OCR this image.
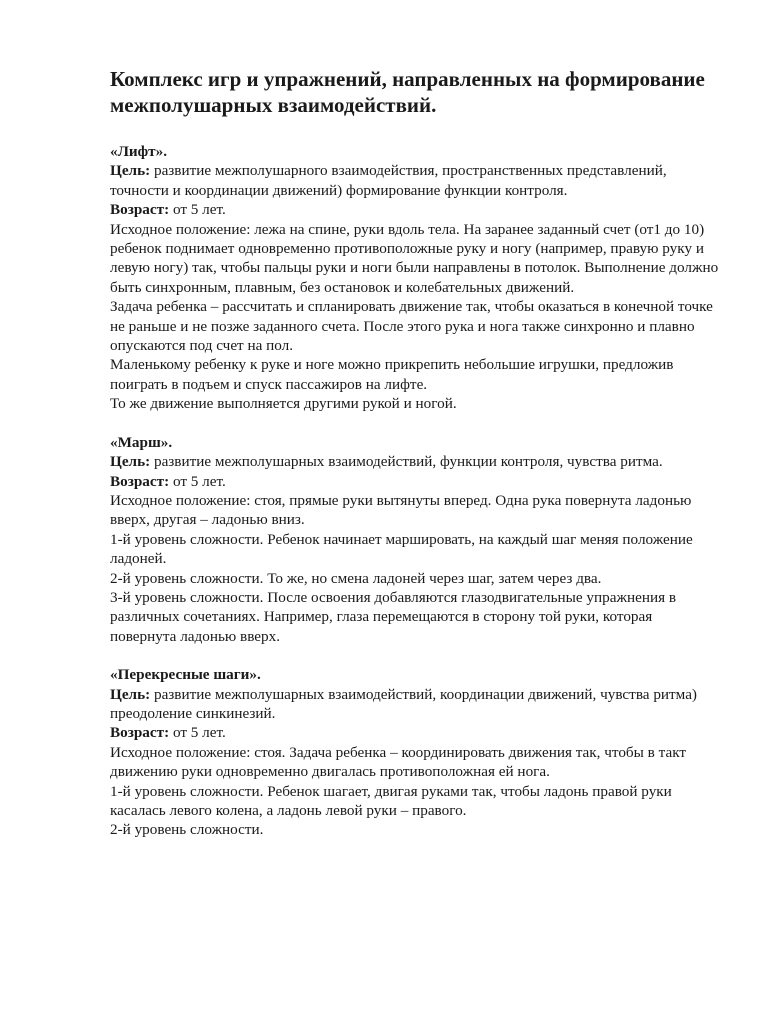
Комплекс игр и упражнений, направленных на формирование межполушарных взаимодействий.
«Лифт».

Цель: развитие межполушарного взаимодействия, пространственных представлений, точности и координации движений) формирование функции контроля.

Возраст: от 5 лет.

Исходное положение: лежа на спине, руки вдоль тела. На заранее заданный счет (от1 до 10) ребенок поднимает одновременно противоположные руку и ногу (например, правую руку и левую ногу) так, чтобы пальцы руки и ноги были направлены в потолок. Выполнение должно быть синхронным, плавным, без остановок и колебательных движений.

Задача ребенка – рассчитать и спланировать движение так, чтобы оказаться в конечной точке не раньше и не позже заданного счета. После этого рука и нога также синхронно и плавно опускаются под счет на пол.

Маленькому ребенку к руке и ноге можно прикрепить небольшие игрушки, предложив поиграть в подъем и спуск пассажиров на лифте.

То же движение выполняется другими рукой и ногой.

«Марш».

Цель: развитие межполушарных взаимодействий, функции контроля, чувства ритма.

Возраст: от 5 лет.

Исходное положение: стоя, прямые руки вытянуты вперед. Одна рука повернута ладонью вверх, другая – ладонью вниз.

1-й уровень сложности. Ребенок начинает маршировать, на каждый шаг меняя положение ладоней.

2-й уровень сложности. То же, но смена ладоней через шаг, затем через два.

3-й уровень сложности. После освоения добавляются глазодвигательные упражнения в различных сочетаниях. Например, глаза перемещаются в сторону той руки, которая повернута ладонью вверх.

«Перекресные шаги».

Цель: развитие межполушарных взаимодействий, координации движений, чувства ритма) преодоление синкинезий.

Возраст: от 5 лет.

Исходное положение: стоя. Задача ребенка – координировать движения так, чтобы в такт движению руки одновременно двигалась противоположная ей нога.

1-й уровень сложности. Ребенок шагает, двигая руками так, чтобы ладонь правой руки касалась левого колена, а ладонь левой руки – правого.

2-й уровень сложности.
